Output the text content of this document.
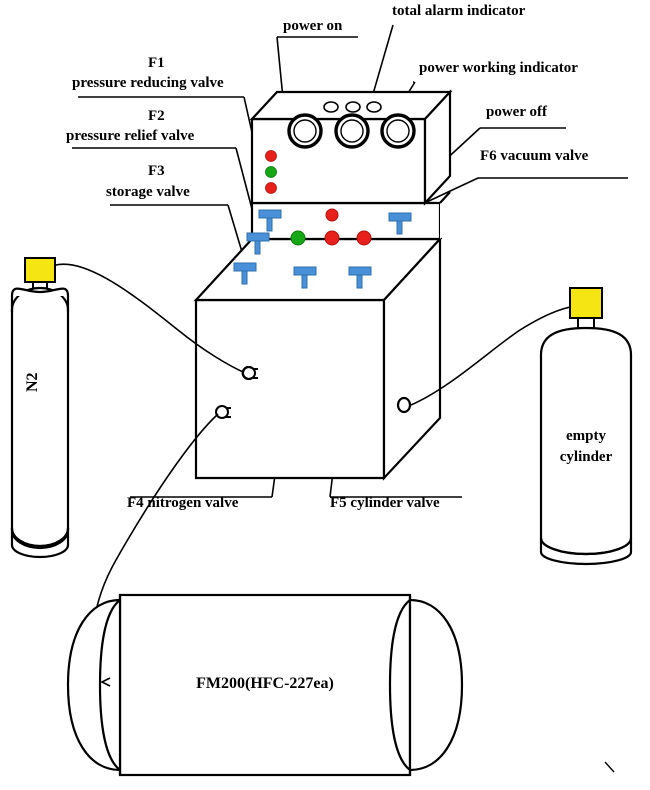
power on
total alarm indicator
power working indicator
power off
F1
pressure reducing valve
F2
pressure relief valve
F3
storage valve
F6 vacuum valve
F4 nitrogen valve	F5 cylinder valve
N2
empty
cylinder
FM200(HFC-227ea)
